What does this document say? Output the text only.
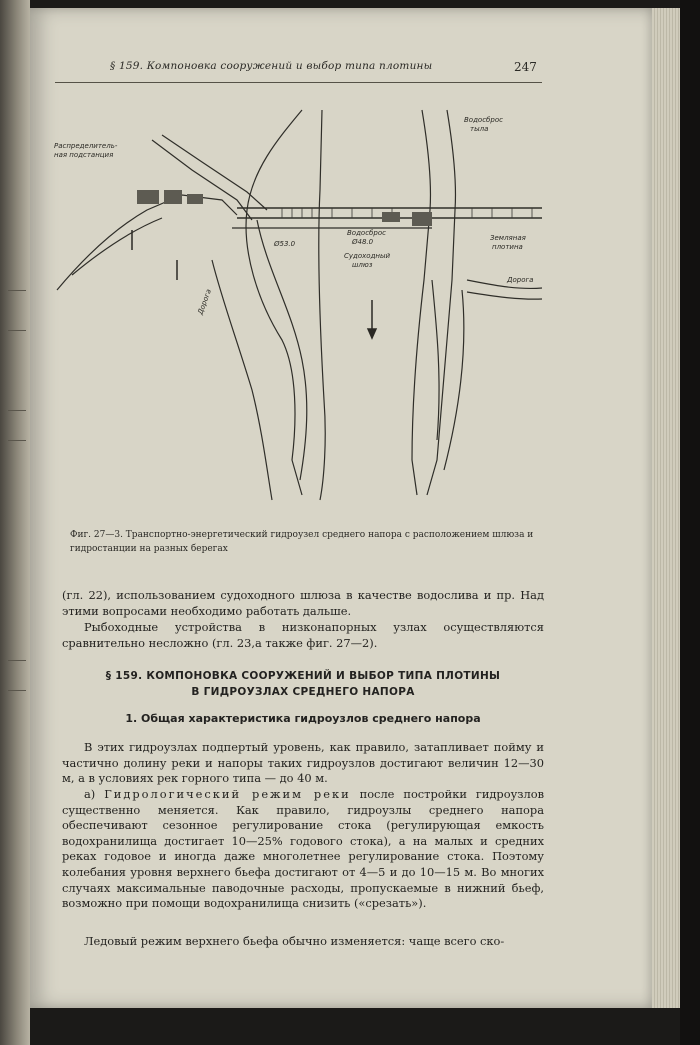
§ 159. Компоновка сооружений и выбор типа плотины	247
Распределитель-
ная подстанция
Водосброс
тыла
Водосброс
Ø48.0
Ø53.0
Судоходный
шлюз
Земляная
плотина
Дорога
Дорога
Фиг. 27—3. Транспортно-энергетический гидроузел среднего напора с расположением шлюза и гидростанции на разных берегах
(гл. 22), использованием судоходного шлюза в качестве водослива и пр. Над этими вопросами необходимо работать дальше.
Рыбоходные устройства в низконапорных узлах осуществляются сравнительно несложно (гл. 23,а также фиг. 27—2).
§ 159. КОМПОНОВКА СООРУЖЕНИЙ И ВЫБОР ТИПА ПЛОТИНЫ
В ГИДРОУЗЛАХ СРЕДНЕГО НАПОРА
1. Общая характеристика гидроузлов среднего напора
В этих гидроузлах подпертый уровень, как правило, затапливает пойму и частично долину реки и напоры таких гидроузлов достигают величин 12—30 м, а в условиях рек горного типа — до 40 м.
а) Гидрологический режим реки после постройки гидроузлов существенно меняется. Как правило, гидроузлы среднего напора обеспечивают сезонное регулирование стока (регулирующая емкость водохранилища достигает 10—25% годового стока), а на малых и средних реках годовое и иногда даже многолетнее регулирование стока. Поэтому колебания уровня верхнего бьефа достигают от 4—5 и до 10—15 м. Во многих случаях максимальные паводочные расходы, пропускаемые в нижний бьеф, возможно при помощи водохранилища снизить («срезать»).
Ледовый режим верхнего бьефа обычно изменяется: чаще всего ско-
